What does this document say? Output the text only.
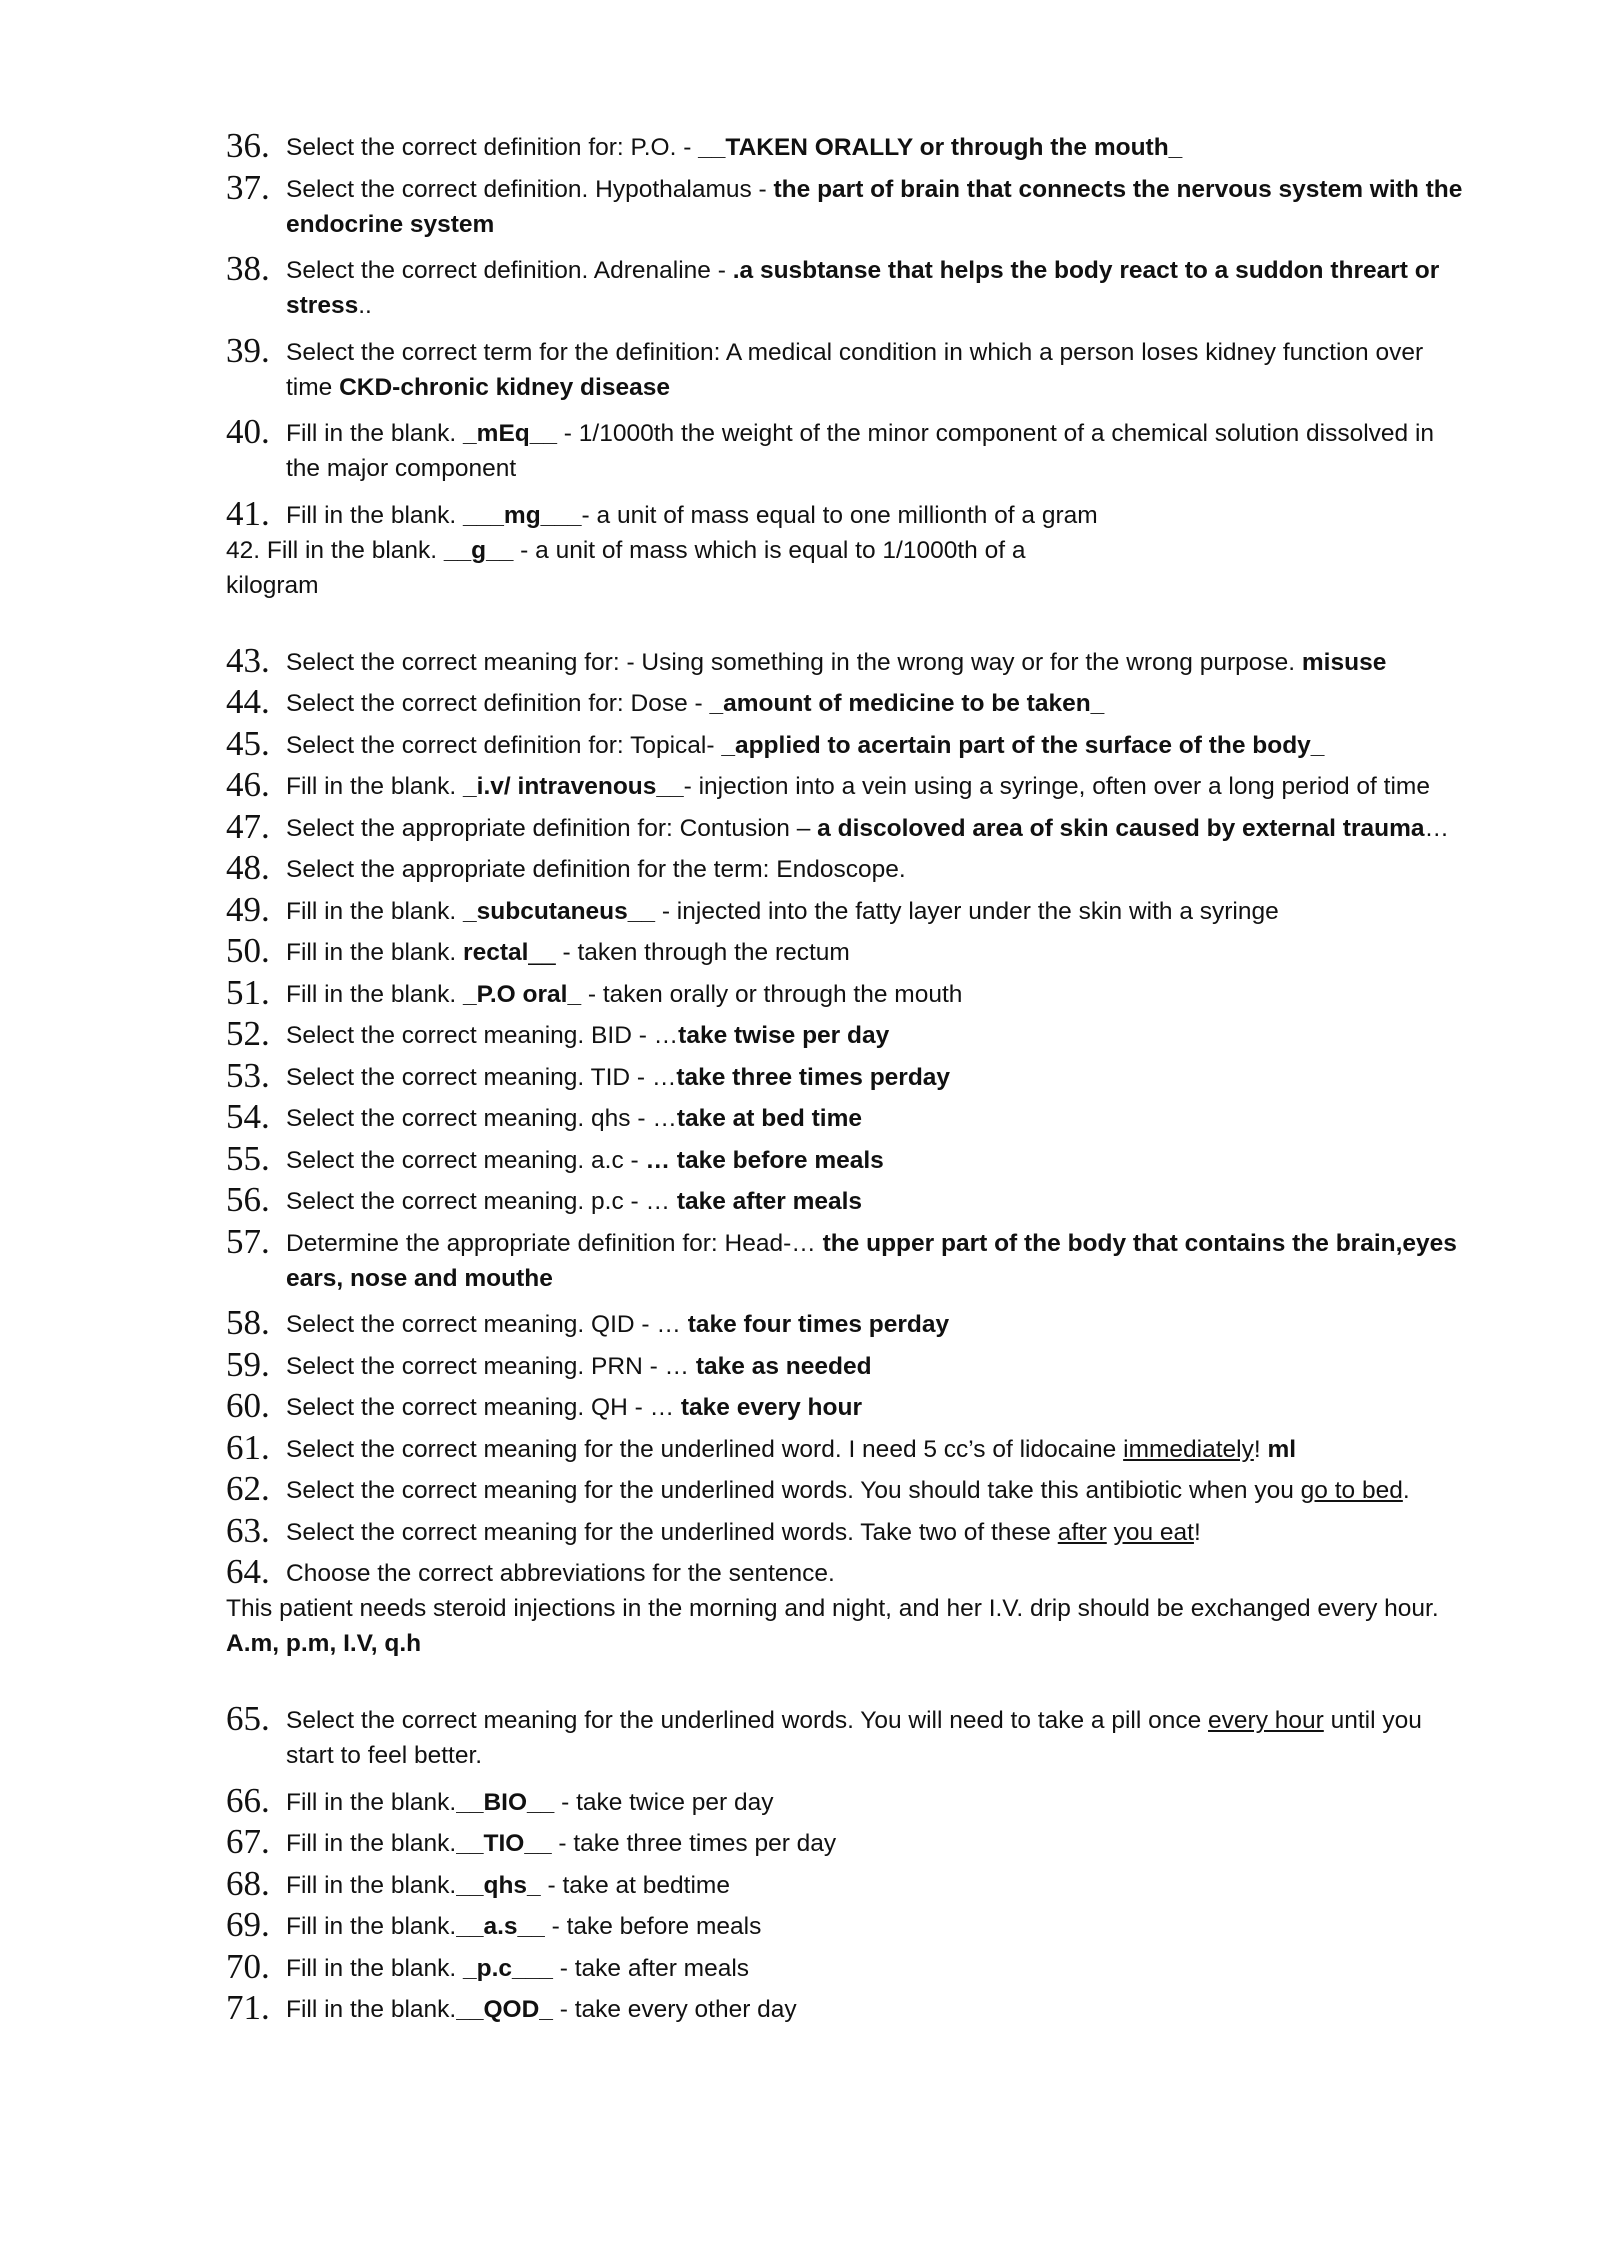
36. Select the correct definition for: P.O. - __TAKEN ORALLY or through the mouth_
37. Select the correct definition. Hypothalamus - the part of brain that connects the nervous system with the endocrine system
38. Select the correct definition. Adrenaline - .a susbtanse that helps the body react to a suddon threart or stress..
39. Select the correct term for the definition: A medical condition in which a person loses kidney function over time CKD-chronic kidney disease
40. Fill in the blank. _mEq__ - 1/1000th the weight of the minor component of a chemical solution dissolved in the major component
41. Fill in the blank. ___mg___- a unit of mass equal to one millionth of a gram
42. Fill in the blank. __g__ - a unit of mass which is equal to 1/1000th of a
kilogram
43. Select the correct meaning for: - Using something in the wrong way or for the wrong purpose. misuse
44. Select the correct definition for: Dose - _amount of medicine to be taken_
45. Select the correct definition for: Topical- _applied to acertain part of the surface of the body_
46. Fill in the blank. _i.v/ intravenous__- injection into a vein using a syringe, often over a long period of time
47. Select the appropriate definition for: Contusion – a discoloved area of skin caused by external trauma…
48. Select the appropriate definition for the term: Endoscope.
49. Fill in the blank. _subcutaneus__ - injected into the fatty layer under the skin with a syringe
50. Fill in the blank. rectal__ - taken through the rectum
51. Fill in the blank. _P.O oral_ - taken orally or through the mouth
52. Select the correct meaning. BID - …take twise per day
53. Select the correct meaning. TID - …take three times perday
54. Select the correct meaning. qhs - …take at bed time
55. Select the correct meaning. a.c - … take before meals
56. Select the correct meaning. p.c - … take after meals
57. Determine the appropriate definition for: Head-… the upper part of the body that contains the brain,eyes ears, nose and mouthe
58. Select the correct meaning. QID - … take four times perday
59. Select the correct meaning. PRN - … take as needed
60. Select the correct meaning. QH - … take every hour
61. Select the correct meaning for the underlined word. I need 5 cc’s of lidocaine immediately! ml
62. Select the correct meaning for the underlined words. You should take this antibiotic when you go to bed.
63. Select the correct meaning for the underlined words. Take two of these after you eat!
64. Choose the correct abbreviations for the sentence.
This patient needs steroid injections in the morning and night, and her I.V. drip should be exchanged every hour.
A.m, p.m, I.V, q.h
65. Select the correct meaning for the underlined words. You will need to take a pill once every hour until you start to feel better.
66. Fill in the blank.__BIO__ - take twice per day
67. Fill in the blank.__TIO__ - take three times per day
68. Fill in the blank.__qhs_ - take at bedtime
69. Fill in the blank.__a.s__ - take before meals
70. Fill in the blank. _p.c___ - take after meals
71. Fill in the blank.__QOD_ - take every other day
